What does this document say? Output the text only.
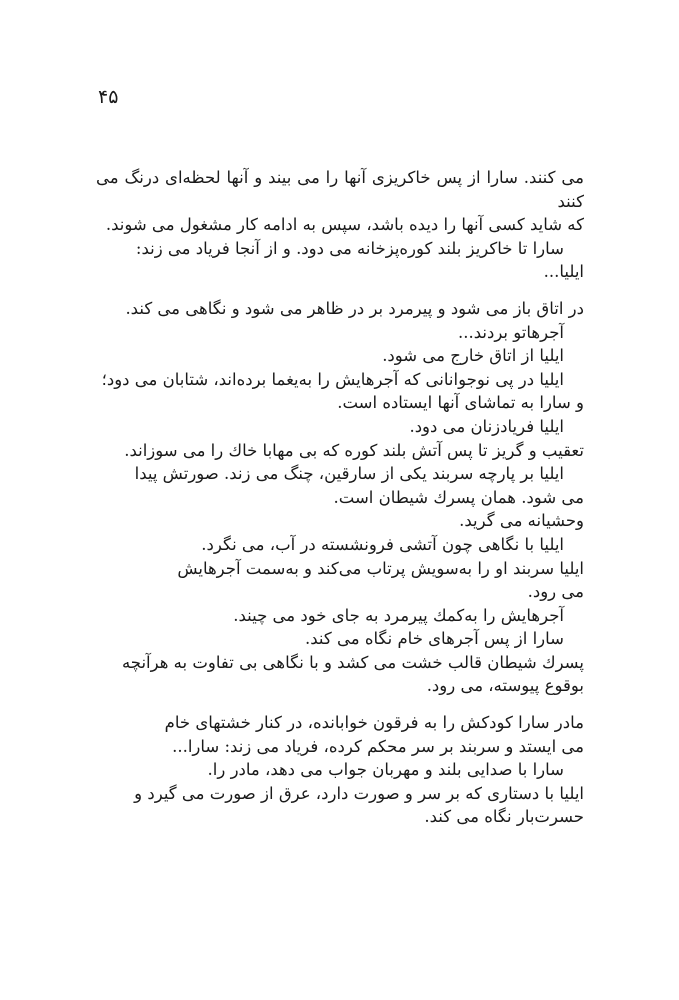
۴۵

می کنند. سارا از پس خاکریزی آنها را می بیند و آنها لحظه‌ای درنگ می کنند

که شاید کسی آنها را دیده باشد، سپس به ادامه کار مشغول می شوند.

سارا تا خاکریز بلند کوره‌پزخانه می دود. و از آنجا فریاد می زند:

ایلیا...

در اتاق باز می شود و پیرمرد بر در ظاهر می شود و نگاهی می کند.

آجرهاتو بردند...

ایلیا از اتاق خارج می شود.

ایلیا در پی نوجوانانی که آجرهایش را به‌یغما برده‌اند، شتابان می دود؛

و سارا به تماشای آنها ایستاده است.

ایلیا فریادزنان می دود.

تعقیب و گریز تا پس آتش بلند کوره که بی مهابا خاك را می سوزاند.

ایلیا بر پارچه سربند یکی از سارقین، چنگ می زند. صورتش پیدا

می شود. همان پسرك شیطان است.

وحشیانه می گرید.

ایلیا با نگاهی چون آتشی فرونشسته در آب، می نگرد.

ایلیا سربند او را به‌سویش پرتاب می‌کند و به‌سمت آجرهایش

می رود.

آجرهایش را به‌کمك پیرمرد به جای خود می چیند.

سارا از پس آجرهای خام نگاه می کند.

پسرك شیطان قالب خشت می کشد و با نگاهی بی تفاوت به هرآنچه

بوقوع پیوسته، می رود.

مادر سارا کودکش را به فرقون خوابانده، در کنار خشتهای خام

می ایستد و سربند بر سر محکم کرده، فریاد می زند: سارا...

سارا با صدایی بلند و مهربان جواب می دهد، مادر را.

ایلیا با دستاری که بر سر و صورت دارد، عرق از صورت می گیرد و

حسرت‌بار نگاه می کند.
